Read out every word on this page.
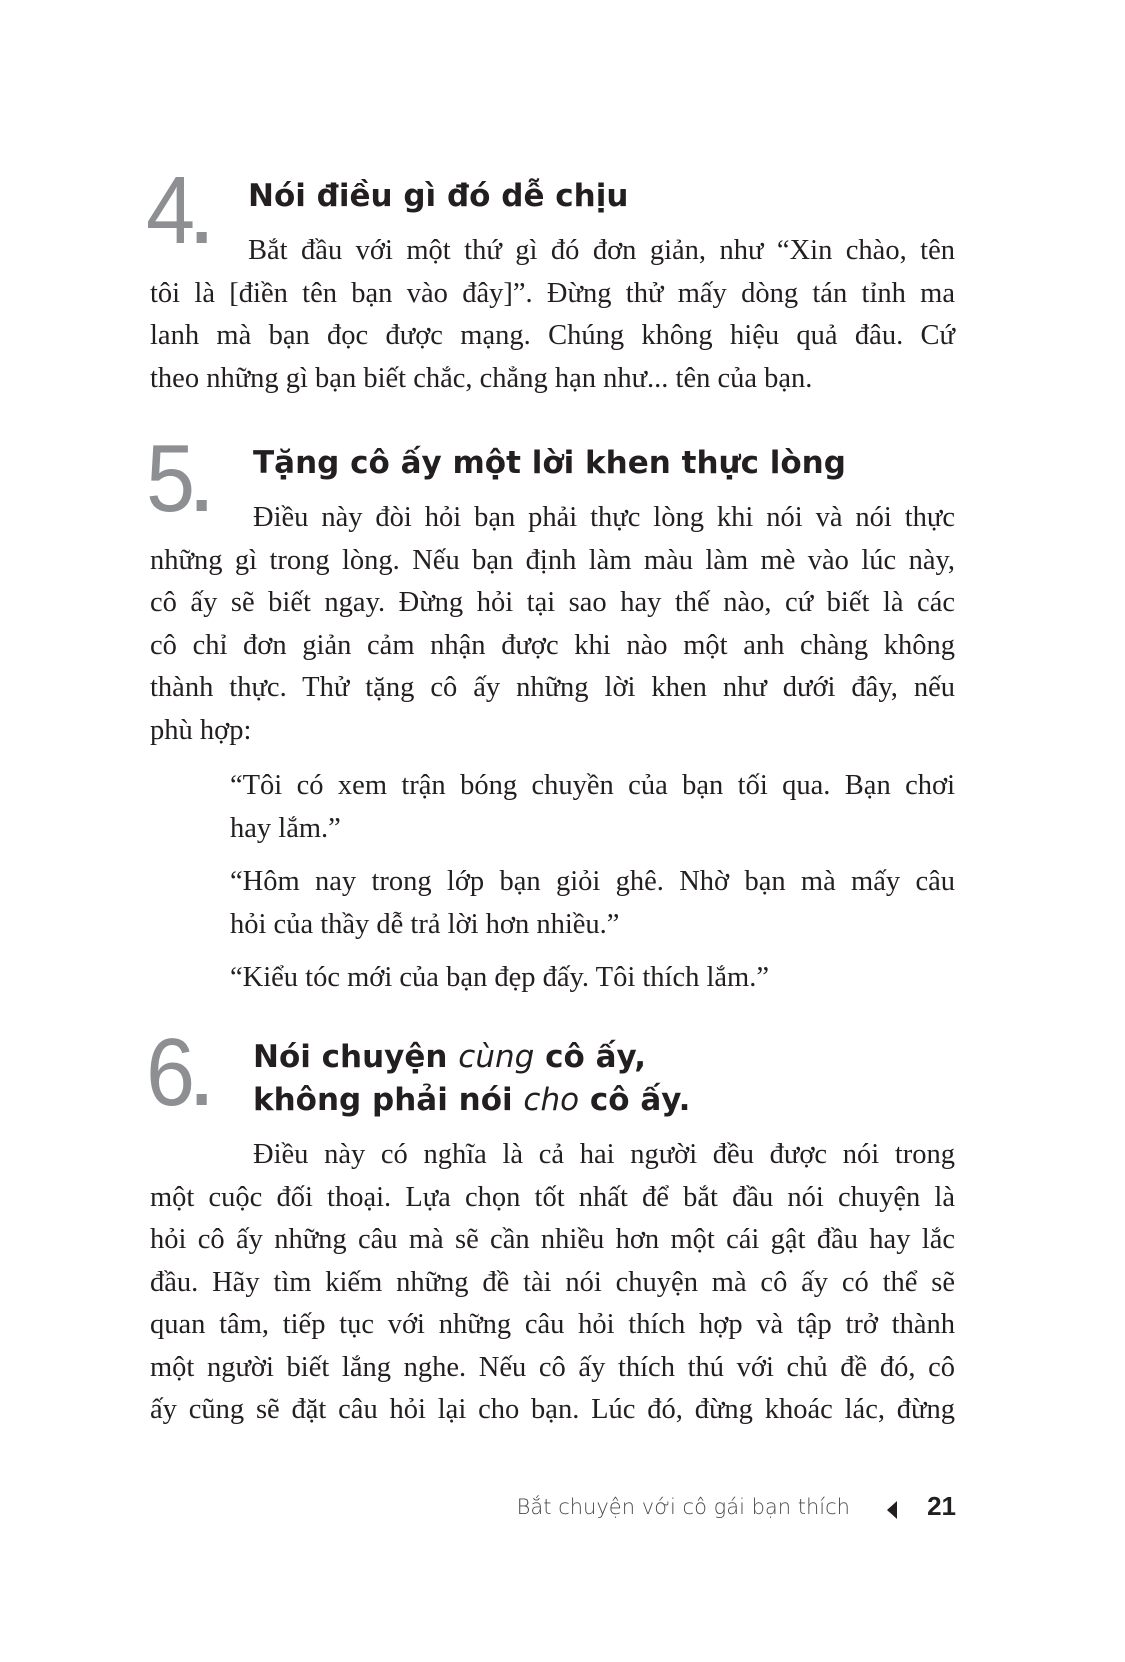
4	Nói điều gì đó dễ chịu
Bắt đầu với một thứ gì đó đơn giản, như “Xin chào, tên
tôi là [điền tên bạn vào đây]”. Đừng thử mấy dòng tán tỉnh ma
lanh mà bạn đọc được mạng. Chúng không hiệu quả đâu. Cứ
theo những gì bạn biết chắc, chẳng hạn như... tên của bạn.
5	Tặng cô ấy một lời khen thực lòng
Điều này đòi hỏi bạn phải thực lòng khi nói và nói thực
những gì trong lòng. Nếu bạn định làm màu làm mè vào lúc này,
cô ấy sẽ biết ngay. Đừng hỏi tại sao hay thế nào, cứ biết là các
cô chỉ đơn giản cảm nhận được khi nào một anh chàng không
thành thực. Thử tặng cô ấy những lời khen như dưới đây, nếu
phù hợp:
“Tôi có xem trận bóng chuyền của bạn tối qua. Bạn chơi
hay lắm.”
“Hôm nay trong lớp bạn giỏi ghê. Nhờ bạn mà mấy câu
hỏi của thầy dễ trả lời hơn nhiều.”
“Kiểu tóc mới của bạn đẹp đấy. Tôi thích lắm.”
6	Nói chuyện cùng cô ấy,
không phải nói cho cô ấy.
Điều này có nghĩa là cả hai người đều được nói trong
một cuộc đối thoại. Lựa chọn tốt nhất để bắt đầu nói chuyện là
hỏi cô ấy những câu mà sẽ cần nhiều hơn một cái gật đầu hay lắc
đầu. Hãy tìm kiếm những đề tài nói chuyện mà cô ấy có thể sẽ
quan tâm, tiếp tục với những câu hỏi thích hợp và tập trở thành
một người biết lắng nghe. Nếu cô ấy thích thú với chủ đề đó, cô
ấy cũng sẽ đặt câu hỏi lại cho bạn. Lúc đó, đừng khoác lác, đừng
Bắt chuyện với cô gái bạn thích	21
